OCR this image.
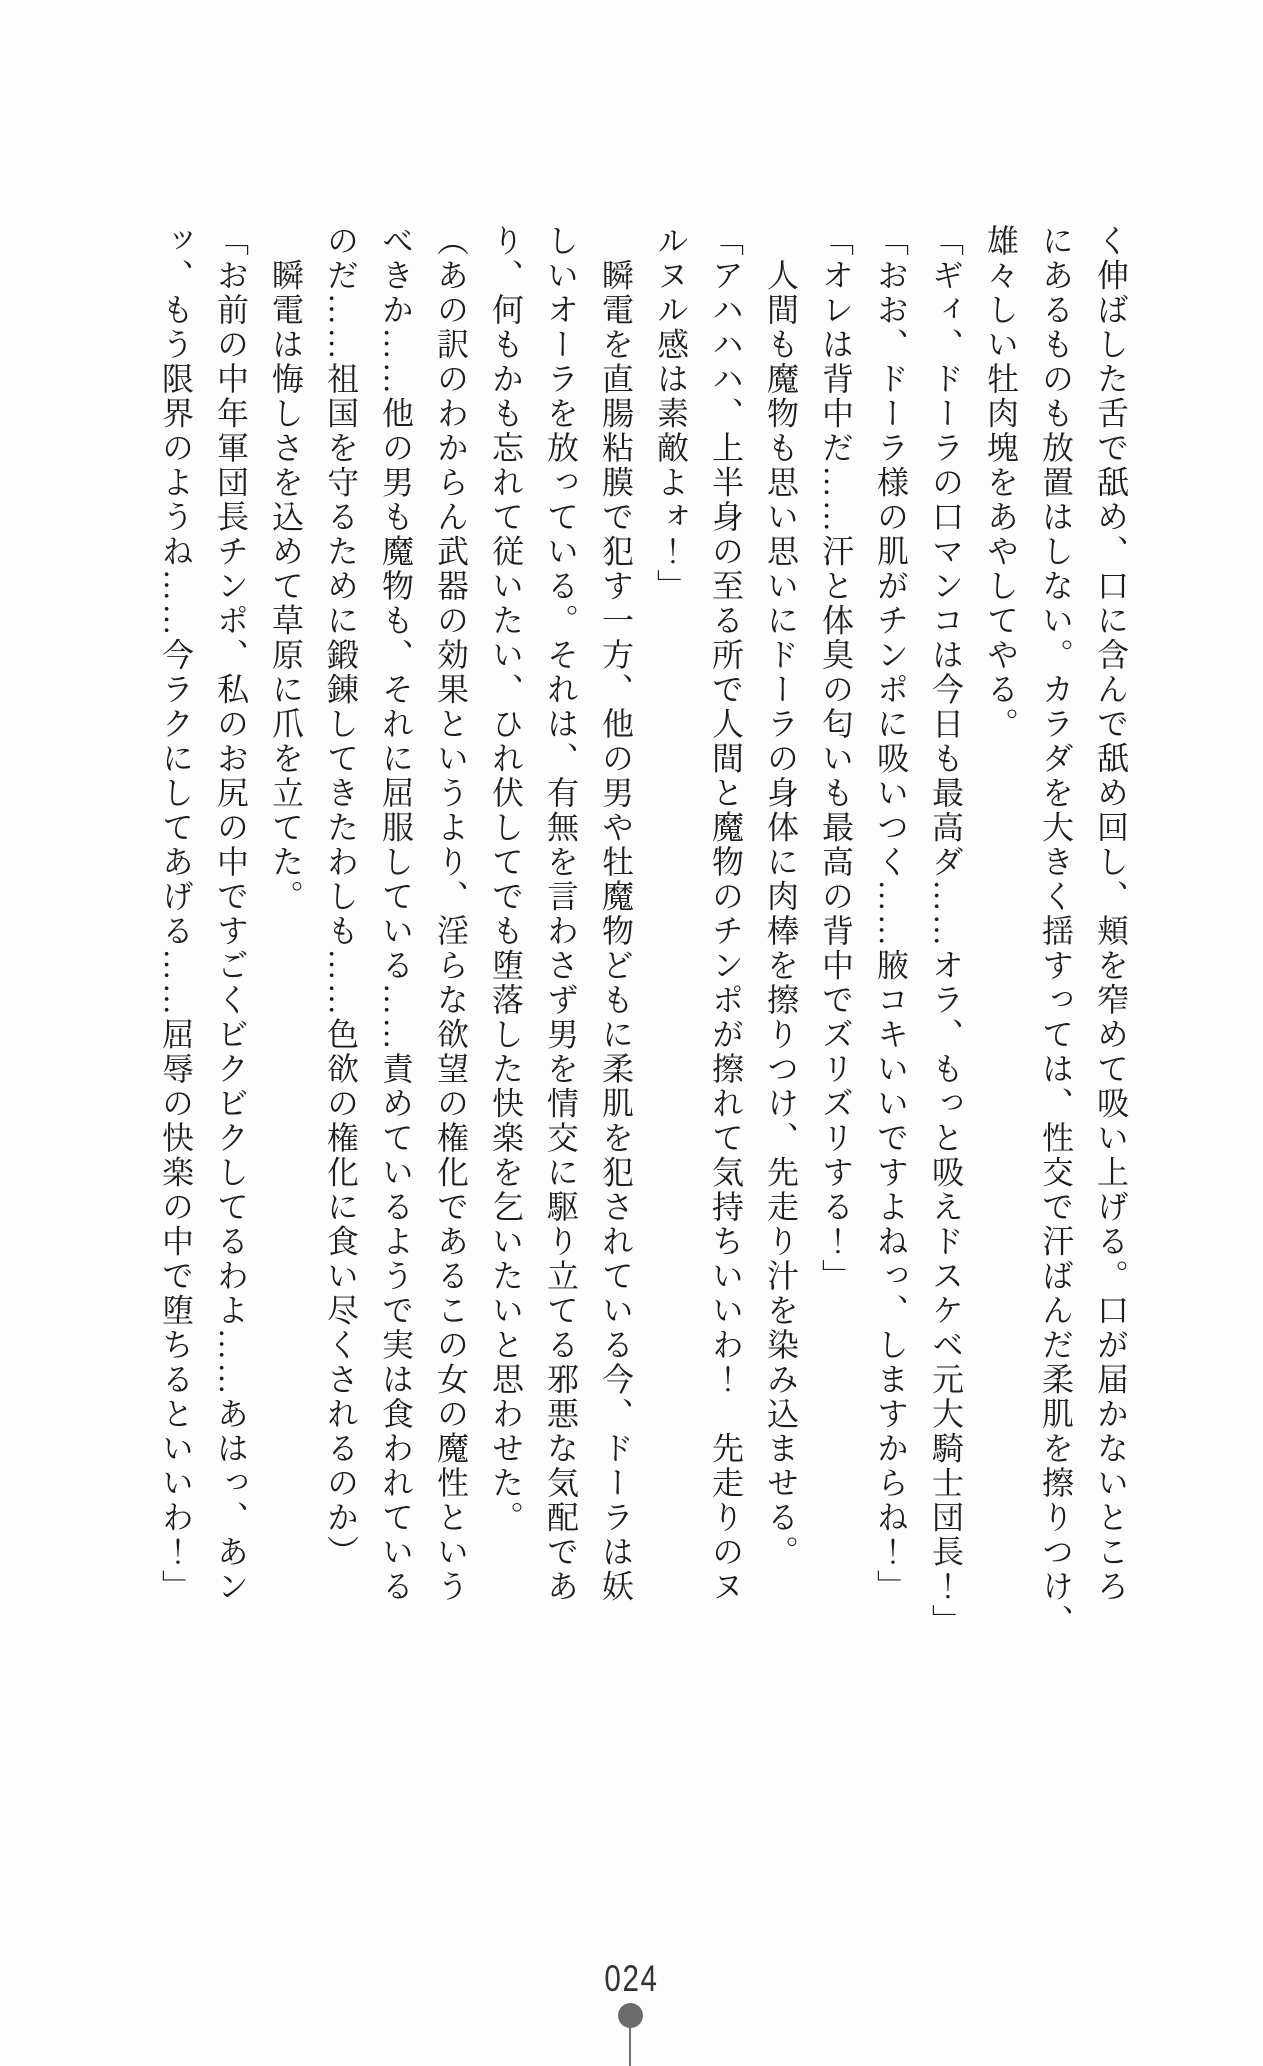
く伸ばした舌で舐め、口に含んで舐め回し、頬を窄めて吸い上げる。口が届かないところ

にあるものも放置はしない。カラダを大きく揺すっては、性交で汗ばんだ柔肌を擦りつけ、

雄々しい牡肉塊をあやしてやる。

「ギィ、ドーラの口マンコは今日も最高ダ……オラ、もっと吸えドスケベ元大騎士団長！」

「おお、ドーラ様の肌がチンポに吸いつく……腋コキいいですよねっ、しますからね！」

「オレは背中だ……汗と体臭の匂いも最高の背中でズリズリする！」

　人間も魔物も思い思いにドーラの身体に肉棒を擦りつけ、先走り汁を染み込ませる。

「アハハハ、上半身の至る所で人間と魔物のチンポが擦れて気持ちいいわ！　先走りのヌ

ルヌル感は素敵よォ！」

　瞬電を直腸粘膜で犯す一方、他の男や牡魔物どもに柔肌を犯されている今、ドーラは妖

しいオーラを放っている。それは、有無を言わさず男を情交に駆り立てる邪悪な気配であ

り、何もかも忘れて従いたい、ひれ伏してでも堕落した快楽を乞いたいと思わせた。

（あの訳のわからん武器の効果というより、淫らな欲望の権化であるこの女の魔性という

べきか……他の男も魔物も、それに屈服している……責めているようで実は食われている

のだ……祖国を守るために鍛錬してきたわしも……色欲の権化に食い尽くされるのか）

　瞬電は悔しさを込めて草原に爪を立てた。

「お前の中年軍団長チンポ、私のお尻の中ですごくビクビクしてるわよ……あはっ、あン

ッ、もう限界のようね……今ラクにしてあげる……屈辱の快楽の中で堕ちるといいわ！」

024
